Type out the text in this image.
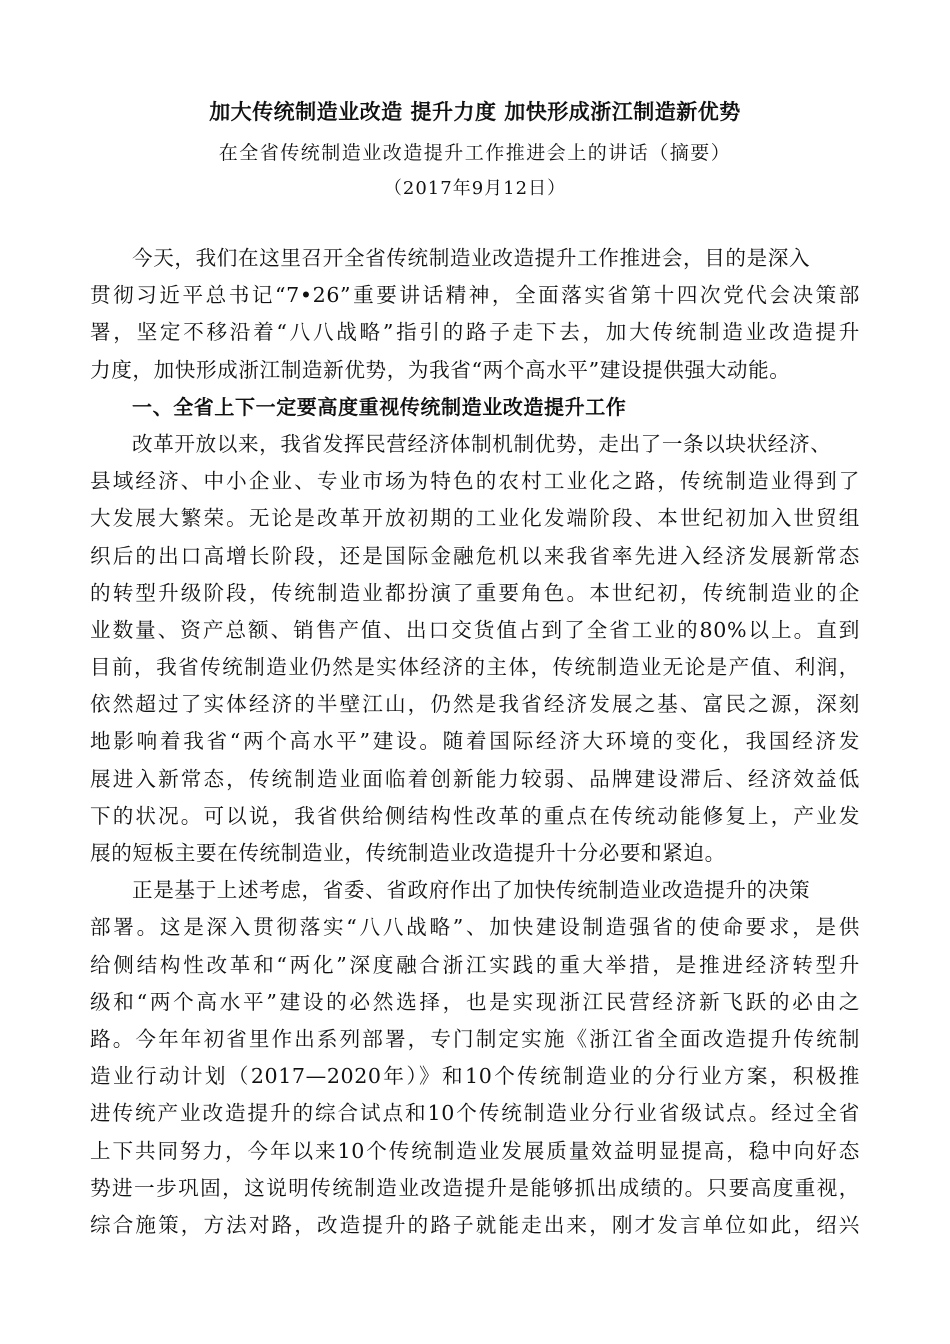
加大传统制造业改造 提升力度 加快形成浙江制造新优势
在全省传统制造业改造提升工作推进会上的讲话（摘要）
（2017年9月12日）
今天，我们在这里召开全省传统制造业改造提升工作推进会，目的是深入
贯彻习近平总书记“7•26”重要讲话精神，全面落实省第十四次党代会决策部
署，坚定不移沿着“八八战略”指引的路子走下去，加大传统制造业改造提升
力度，加快形成浙江制造新优势，为我省“两个高水平”建设提供强大动能。
一、全省上下一定要高度重视传统制造业改造提升工作
改革开放以来，我省发挥民营经济体制机制优势，走出了一条以块状经济、
县域经济、中小企业、专业市场为特色的农村工业化之路，传统制造业得到了
大发展大繁荣。无论是改革开放初期的工业化发端阶段、本世纪初加入世贸组
织后的出口高增长阶段，还是国际金融危机以来我省率先进入经济发展新常态
的转型升级阶段，传统制造业都扮演了重要角色。本世纪初，传统制造业的企
业数量、资产总额、销售产值、出口交货值占到了全省工业的80%以上。直到
目前，我省传统制造业仍然是实体经济的主体，传统制造业无论是产值、利润，
依然超过了实体经济的半壁江山，仍然是我省经济发展之基、富民之源，深刻
地影响着我省“两个高水平”建设。随着国际经济大环境的变化，我国经济发
展进入新常态，传统制造业面临着创新能力较弱、品牌建设滞后、经济效益低
下的状况。可以说，我省供给侧结构性改革的重点在传统动能修复上，产业发
展的短板主要在传统制造业，传统制造业改造提升十分必要和紧迫。
正是基于上述考虑，省委、省政府作出了加快传统制造业改造提升的决策
部署。这是深入贯彻落实“八八战略”、加快建设制造强省的使命要求，是供
给侧结构性改革和“两化”深度融合浙江实践的重大举措，是推进经济转型升
级和“两个高水平”建设的必然选择，也是实现浙江民营经济新飞跃的必由之
路。今年年初省里作出系列部署，专门制定实施《浙江省全面改造提升传统制
造业行动计划（2017—2020年）》和10个传统制造业的分行业方案，积极推
进传统产业改造提升的综合试点和10个传统制造业分行业省级试点。经过全省
上下共同努力，今年以来10个传统制造业发展质量效益明显提高，稳中向好态
势进一步巩固，这说明传统制造业改造提升是能够抓出成绩的。只要高度重视，
综合施策，方法对路，改造提升的路子就能走出来，刚才发言单位如此，绍兴
